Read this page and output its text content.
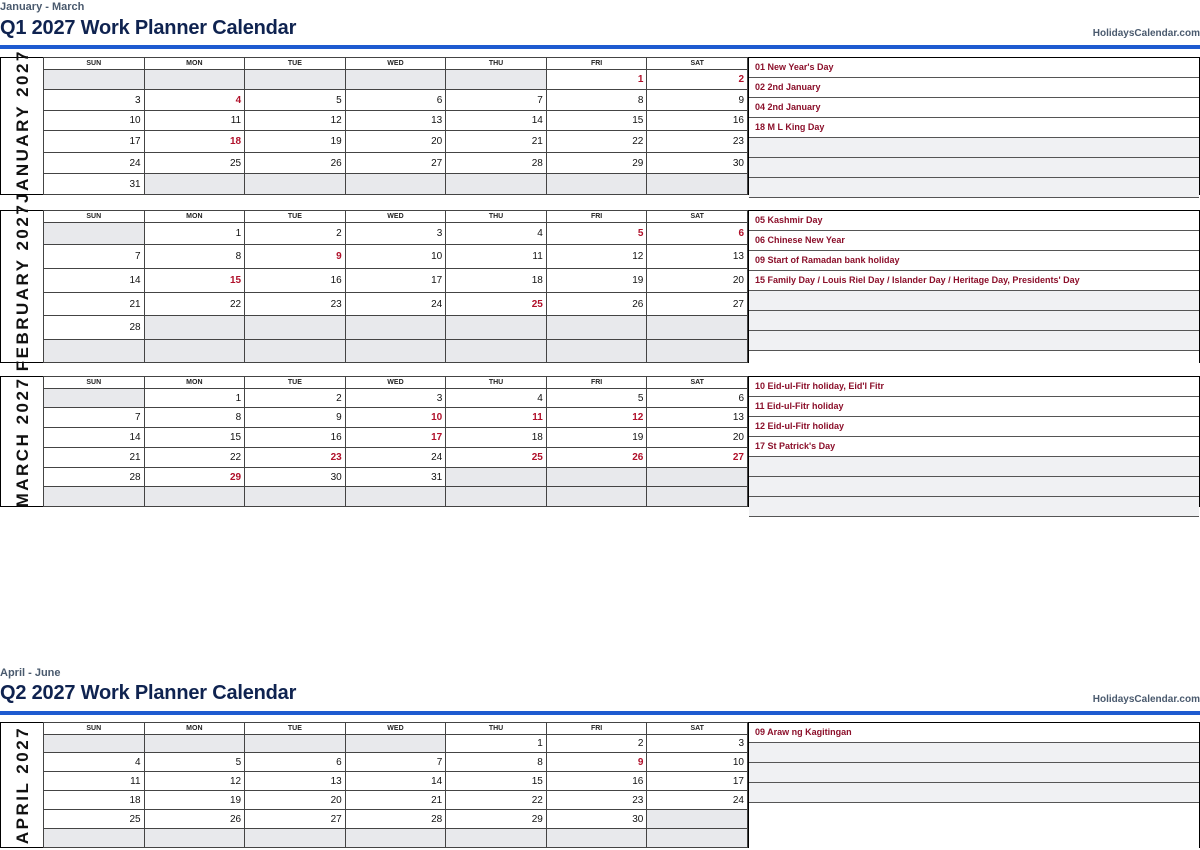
January - March
Q1 2027 Work Planner Calendar	HolidaysCalendar.com
JANUARY 2027	SUN	MON	TUE	WED	THU	FRI	SAT
					1	2
3	4	5	6	7	8	9
10	11	12	13	14	15	16
17	18	19	20	21	22	23
24	25	26	27	28	29	30
31						
01 New Year's Day
02 2nd January
04 2nd January
18 M L King Day
FEBRUARY 2027	SUN	MON	TUE	WED	THU	FRI	SAT
	1	2	3	4	5	6
7	8	9	10	11	12	13
14	15	16	17	18	19	20
21	22	23	24	25	26	27
28						

05 Kashmir Day
06 Chinese New Year
09 Start of Ramadan bank holiday
15 Family Day / Louis Riel Day / Islander Day / Heritage Day, Presidents' Day
MARCH 2027	SUN	MON	TUE	WED	THU	FRI	SAT
	1	2	3	4	5	6
7	8	9	10	11	12	13
14	15	16	17	18	19	20
21	22	23	24	25	26	27
28	29	30	31			

10 Eid-ul-Fitr holiday, Eid'l Fitr
11 Eid-ul-Fitr holiday
12 Eid-ul-Fitr holiday
17 St Patrick's Day
April - June
Q2 2027 Work Planner Calendar	HolidaysCalendar.com
APRIL 2027	SUN	MON	TUE	WED	THU	FRI	SAT
				1	2	3
4	5	6	7	8	9	10
11	12	13	14	15	16	17
18	19	20	21	22	23	24
25	26	27	28	29	30	

09 Araw ng Kagitingan
